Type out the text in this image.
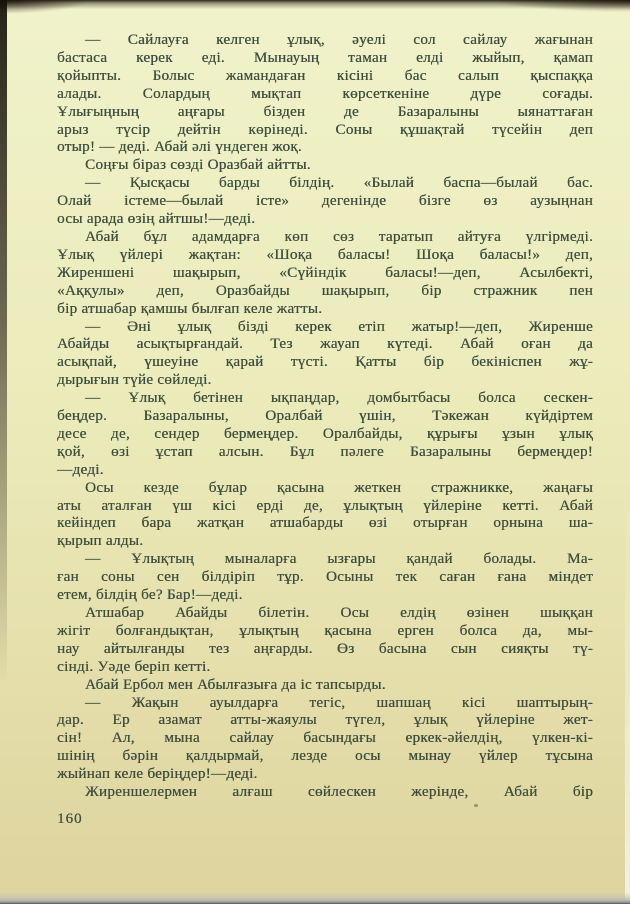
— Сайлауға келген ұлық, әуелі сол сайлау жағынан
бастаса керек еді. Мынауың таман елді жыйып, қамап
қойыпты. Болыс жамандаған кісіні бас салып қыспаққа
алады. Солардың мықтап көрсеткеніне дүре соғады.
Ұлығыңның аңғары бізден де Базаралыны ыянаттаған
арыз түсір дейтін көрінеді. Соны құшақтай түсейін деп
отыр! — деді. Абай әлі үндеген жоқ.
Соңғы біраз сөзді Оразбай айтты.
— Қысқасы барды білдің. «Былай баспа—былай бас.
Олай істеме—былай істе» дегенінде бізге өз аузыңнан
осы арада өзің айтшы!—деді.
Абай бұл адамдарға көп сөз таратып айтуға үлгірмеді.
Ұлық үйлері жақтан: «Шоқа баласы! Шоқа баласы!» деп,
Жиреншені шақырып, «Сүйіндік баласы!—деп, Асылбекті,
«Аққулы» деп, Оразбайды шақырып, бір стражник пен
бір атшабар қамшы былғап келе жатты.
— Әні ұлық бізді керек етіп жатыр!—деп, Жиренше
Абайды асықтырғандай. Тез жауап күтеді. Абай оған да
асықпай, үшеуіне қарай түсті. Қатты бір бекініспен жұ-
дырығын түйе сөйледі.
— Ұлық бетінен ықпаңдар, домбытбасы болса сескен-
беңдер. Базаралыны, Оралбай үшін, Тәкежан күйдіртем
десе де, сендер бермеңдер. Оралбайды, құрығы ұзын ұлық
қой, өзі ұстап алсын. Бұл пәлеге Базаралыны бермеңдер!
—деді.
Осы кезде бұлар қасына жеткен стражникке, жаңағы
аты аталған үш кісі ерді де, ұлықтың үйлеріне кетті. Абай
кейіндеп бара жатқан атшабарды өзі отырған орнына ша-
қырып алды.
— Ұлықтың мыналарға ызғары қандай болады. Ма-
ған соны сен білдіріп тұр. Осыны тек саған ғана міндет
етем, білдің бе? Бар!—деді.
Атшабар Абайды білетін. Осы елдің өзінен шыққан
жігіт болғандықтан, ұлықтың қасына ерген болса да, мы-
нау айтылғанды тез аңғарды. Өз басына сын сияқты тү-
сінді. Уәде беріп кетті.
Абай Ербол мен Абылғазыға да іс тапсырды.
— Жақын ауылдарға тегіс, шапшаң кісі шаптырың-
дар. Ер азамат атты-жаяулы түгел, ұлық үйлеріне жет-
сін! Ал, мына сайлау басындағы еркек-әйелдің, үлкен-кі-
шінің бәрін қалдырмай, лезде осы мынау үйлер тұсына
жыйнап келе беріңдер!—деді.
Жиреншелермен алғаш сөйлескен жерінде, Абай бір
160
